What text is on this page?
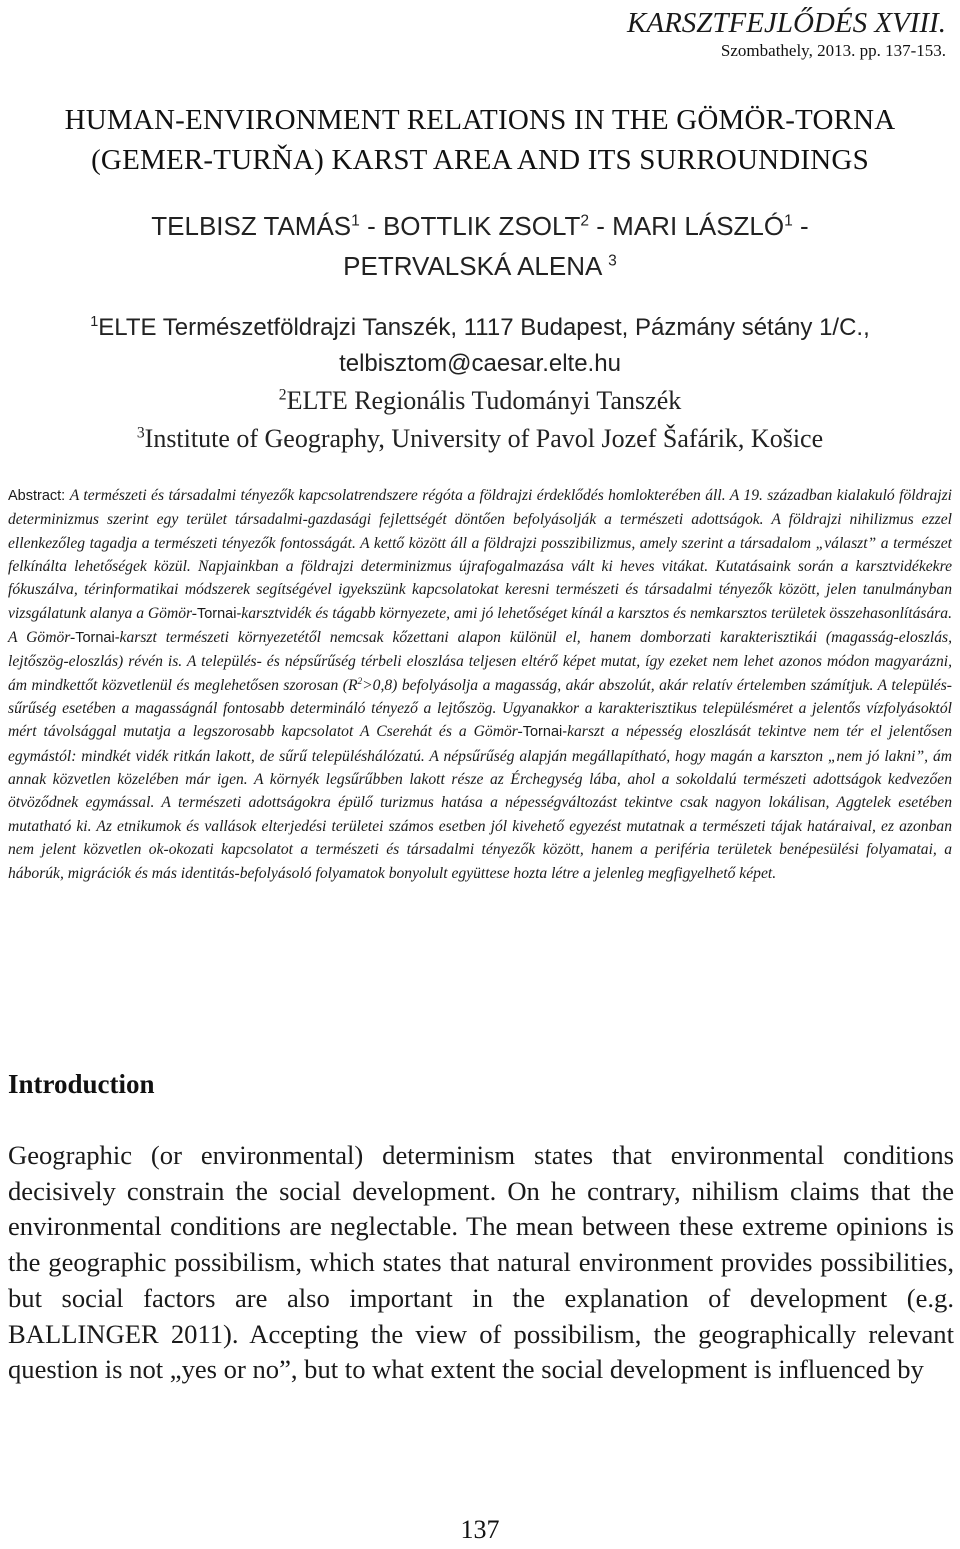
KARSZTFEJLŐDÉS XVIII.
Szombathely, 2013. pp. 137-153.
HUMAN-ENVIRONMENT RELATIONS IN THE GÖMÖR-TORNA
(GEMER-TURŇA) KARST AREA AND ITS SURROUNDINGS
TELBISZ TAMÁS$^1$ - BOTTLIK ZSOLT$^2$ - MARI LÁSZLÓ$^1$ -
PETRVALSKÁ ALENA $^3$
$^1$ELTE Természetföldrajzi Tanszék, 1117 Budapest, Pázmány sétány 1/C.,
telbisztom@caesar.elte.hu
$^2$ELTE Regionális Tudományi Tanszék
$^3$Institute of Geography, University of Pavol Jozef Šafárik, Košice
Abstract: A természeti és társadalmi tényezők kapcsolatrendszere régóta a földrajzi érdeklődés homlokterében áll. A 19. században kialakuló földrajzi determinizmus szerint egy terület társadalmi-gazdasági fejlettségét döntően befolyásolják a természeti adottságok. A földrajzi nihilizmus ezzel ellenkezőleg tagadja a természeti tényezők fontosságát. A kettő között áll a földrajzi posszibilizmus, amely szerint a társadalom „választ” a természet felkínálta lehetőségek közül. Napjainkban a földrajzi determinizmus újrafogalmazása vált ki heves vitákat. Kutatásaink során a karsztvidékekre fókuszálva, térinformatikai módszerek segítségével igyekszünk kapcsolatokat keresni természeti és társadalmi tényezők között, jelen tanulmányban vizsgálatunk alanya a Gömör-Tornai-karsztvidék és tágabb környezete, ami jó lehetőséget kínál a karsztos és nemkarsztos területek összehasonlítására. A Gömör-Tornai-karszt természeti környezetétől nemcsak kőzettani alapon különül el, hanem domborzati karakterisztikái (magasság-eloszlás, lejtőszög-eloszlás) révén is. A település- és népsűrűség térbeli eloszlása teljesen eltérő képet mutat, így ezeket nem lehet azonos módon magyarázni, ám mindkettőt közvetlenül és meglehetősen szorosan $(R^2>0,8)$ befolyásolja a magasság, akár abszolút, akár relatív értelemben számítjuk. A település-sűrűség esetében a magasságnál fontosabb determináló tényező a lejtőszög. Ugyanakkor a karakterisztikus településméret a jelentős vízfolyásoktól mért távolsággal mutatja a legszorosabb kapcsolatot A Cserehát és a Gömör-Tornai-karszt a népesség eloszlását tekintve nem tér el jelentősen egymástól: mindkét vidék ritkán lakott, de sűrű településhálózatú. A népsűrűség alapján megállapítható, hogy magán a karszton „nem jó lakni”, ám annak közvetlen közelében már igen. A környék legsűrűbben lakott része az Érchegység lába, ahol a sokoldalú természeti adottságok kedvezően ötvöződnek egymással. A természeti adottságokra épülő turizmus hatása a népességváltozást tekintve csak nagyon lokálisan, Aggtelek esetében mutatható ki. Az etnikumok és vallások elterjedési területei számos esetben jól kivehető egyezést mutatnak a természeti tájak határaival, ez azonban nem jelent közvetlen ok-okozati kapcsolatot a természeti és társadalmi tényezők között, hanem a periféria területek benépesülési folyamatai, a háborúk, migrációk és más identitás-befolyásoló folyamatok bonyolult együttese hozta létre a jelenleg megfigyelhető képet.
Introduction
Geographic (or environmental) determinism states that environmental conditions decisively constrain the social development. On he contrary, nihilism claims that the environmental conditions are neglectable. The mean between these extreme opinions is the geographic possibilism, which states that natural environment provides possibilities, but social factors are also important in the explanation of development (e.g. BALLINGER 2011). Accepting the view of possibilism, the geographically relevant question is not „yes or no”, but to what extent the social development is influenced by
137
